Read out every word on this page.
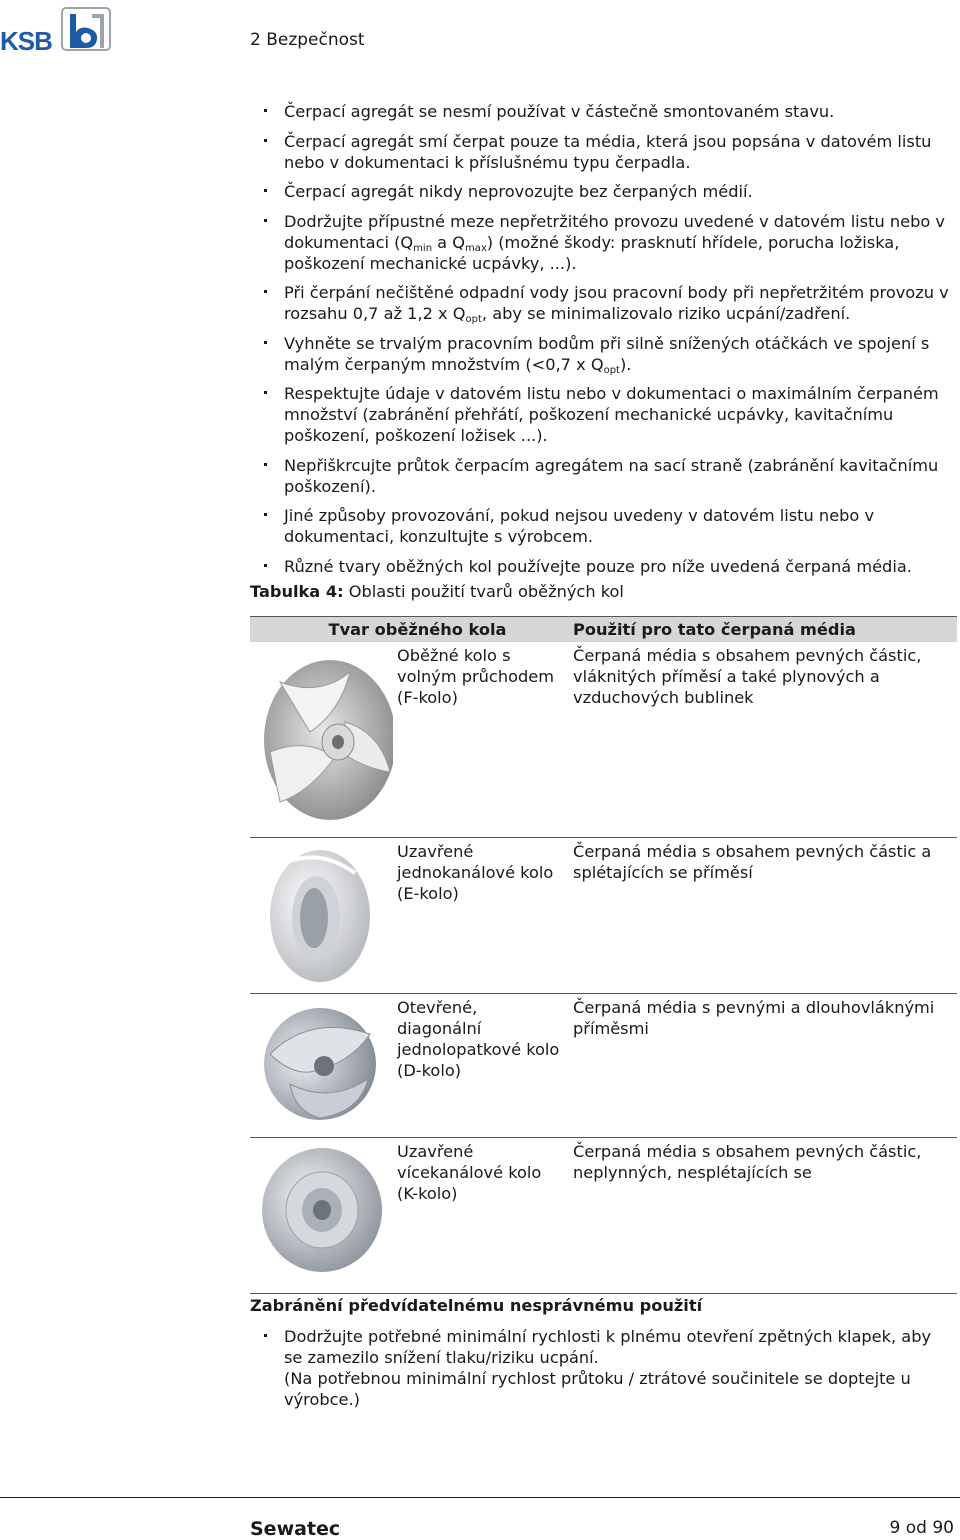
KSB	2 Bezpečnost
Čerpací agregát se nesmí používat v částečně smontovaném stavu.
Čerpací agregát smí čerpat pouze ta média, která jsou popsána v datovém listu nebo v dokumentaci k příslušnému typu čerpadla.
Čerpací agregát nikdy neprovozujte bez čerpaných médií.
Dodržujte přípustné meze nepřetržitého provozu uvedené v datovém listu nebo v dokumentaci ($Q_{min}$ a $Q_{max}$) (možné škody: prasknutí hřídele, porucha ložiska, poškození mechanické ucpávky, ...).
Při čerpání nečištěné odpadní vody jsou pracovní body při nepřetržitém provozu v rozsahu 0,7 až 1,2 x $Q_{opt}$, aby se minimalizovalo riziko ucpání/zadření.
Vyhněte se trvalým pracovním bodům při silně snížených otáčkách ve spojení s malým čerpaným množstvím (<0,7 x $Q_{opt}$).
Respektujte údaje v datovém listu nebo v dokumentaci o maximálním čerpaném množství (zabránění přehřátí, poškození mechanické ucpávky, kavitačnímu poškození, poškození ložisek ...).
Nepřiškrcujte průtok čerpacím agregátem na sací straně (zabránění kavitačnímu poškození).
Jiné způsoby provozování, pokud nejsou uvedeny v datovém listu nebo v dokumentaci, konzultujte s výrobcem.
Různé tvary oběžných kol používejte pouze pro níže uvedená čerpaná média.
Tabulka 4: Oblasti použití tvarů oběžných kol
Tvar oběžného kola		Použití pro tato čerpaná média
	Oběžné kolo s volným průchodem (F-kolo)	Čerpaná média s obsahem pevných částic, vláknitých příměsí a také plynových a vzduchových bublinek
	Uzavřené jednokanálové kolo (E-kolo)	Čerpaná média s obsahem pevných částic a splétajících se příměsí
	Otevřené, diagonální jednolopatkové kolo (D-kolo)	Čerpaná média s pevnými a dlouhovláknými příměsmi
	Uzavřené vícekanálové kolo (K-kolo)	Čerpaná média s obsahem pevných částic, neplynných, nesplétajících se
Zabránění předvídatelnému nesprávnému použití
Dodržujte potřebné minimální rychlosti k plnému otevření zpětných klapek, aby se zamezilo snížení tlaku/riziku ucpání.
(Na potřebnou minimální rychlost průtoku / ztrátové součinitele se doptejte u výrobce.)
Sewatec	9 od 90
